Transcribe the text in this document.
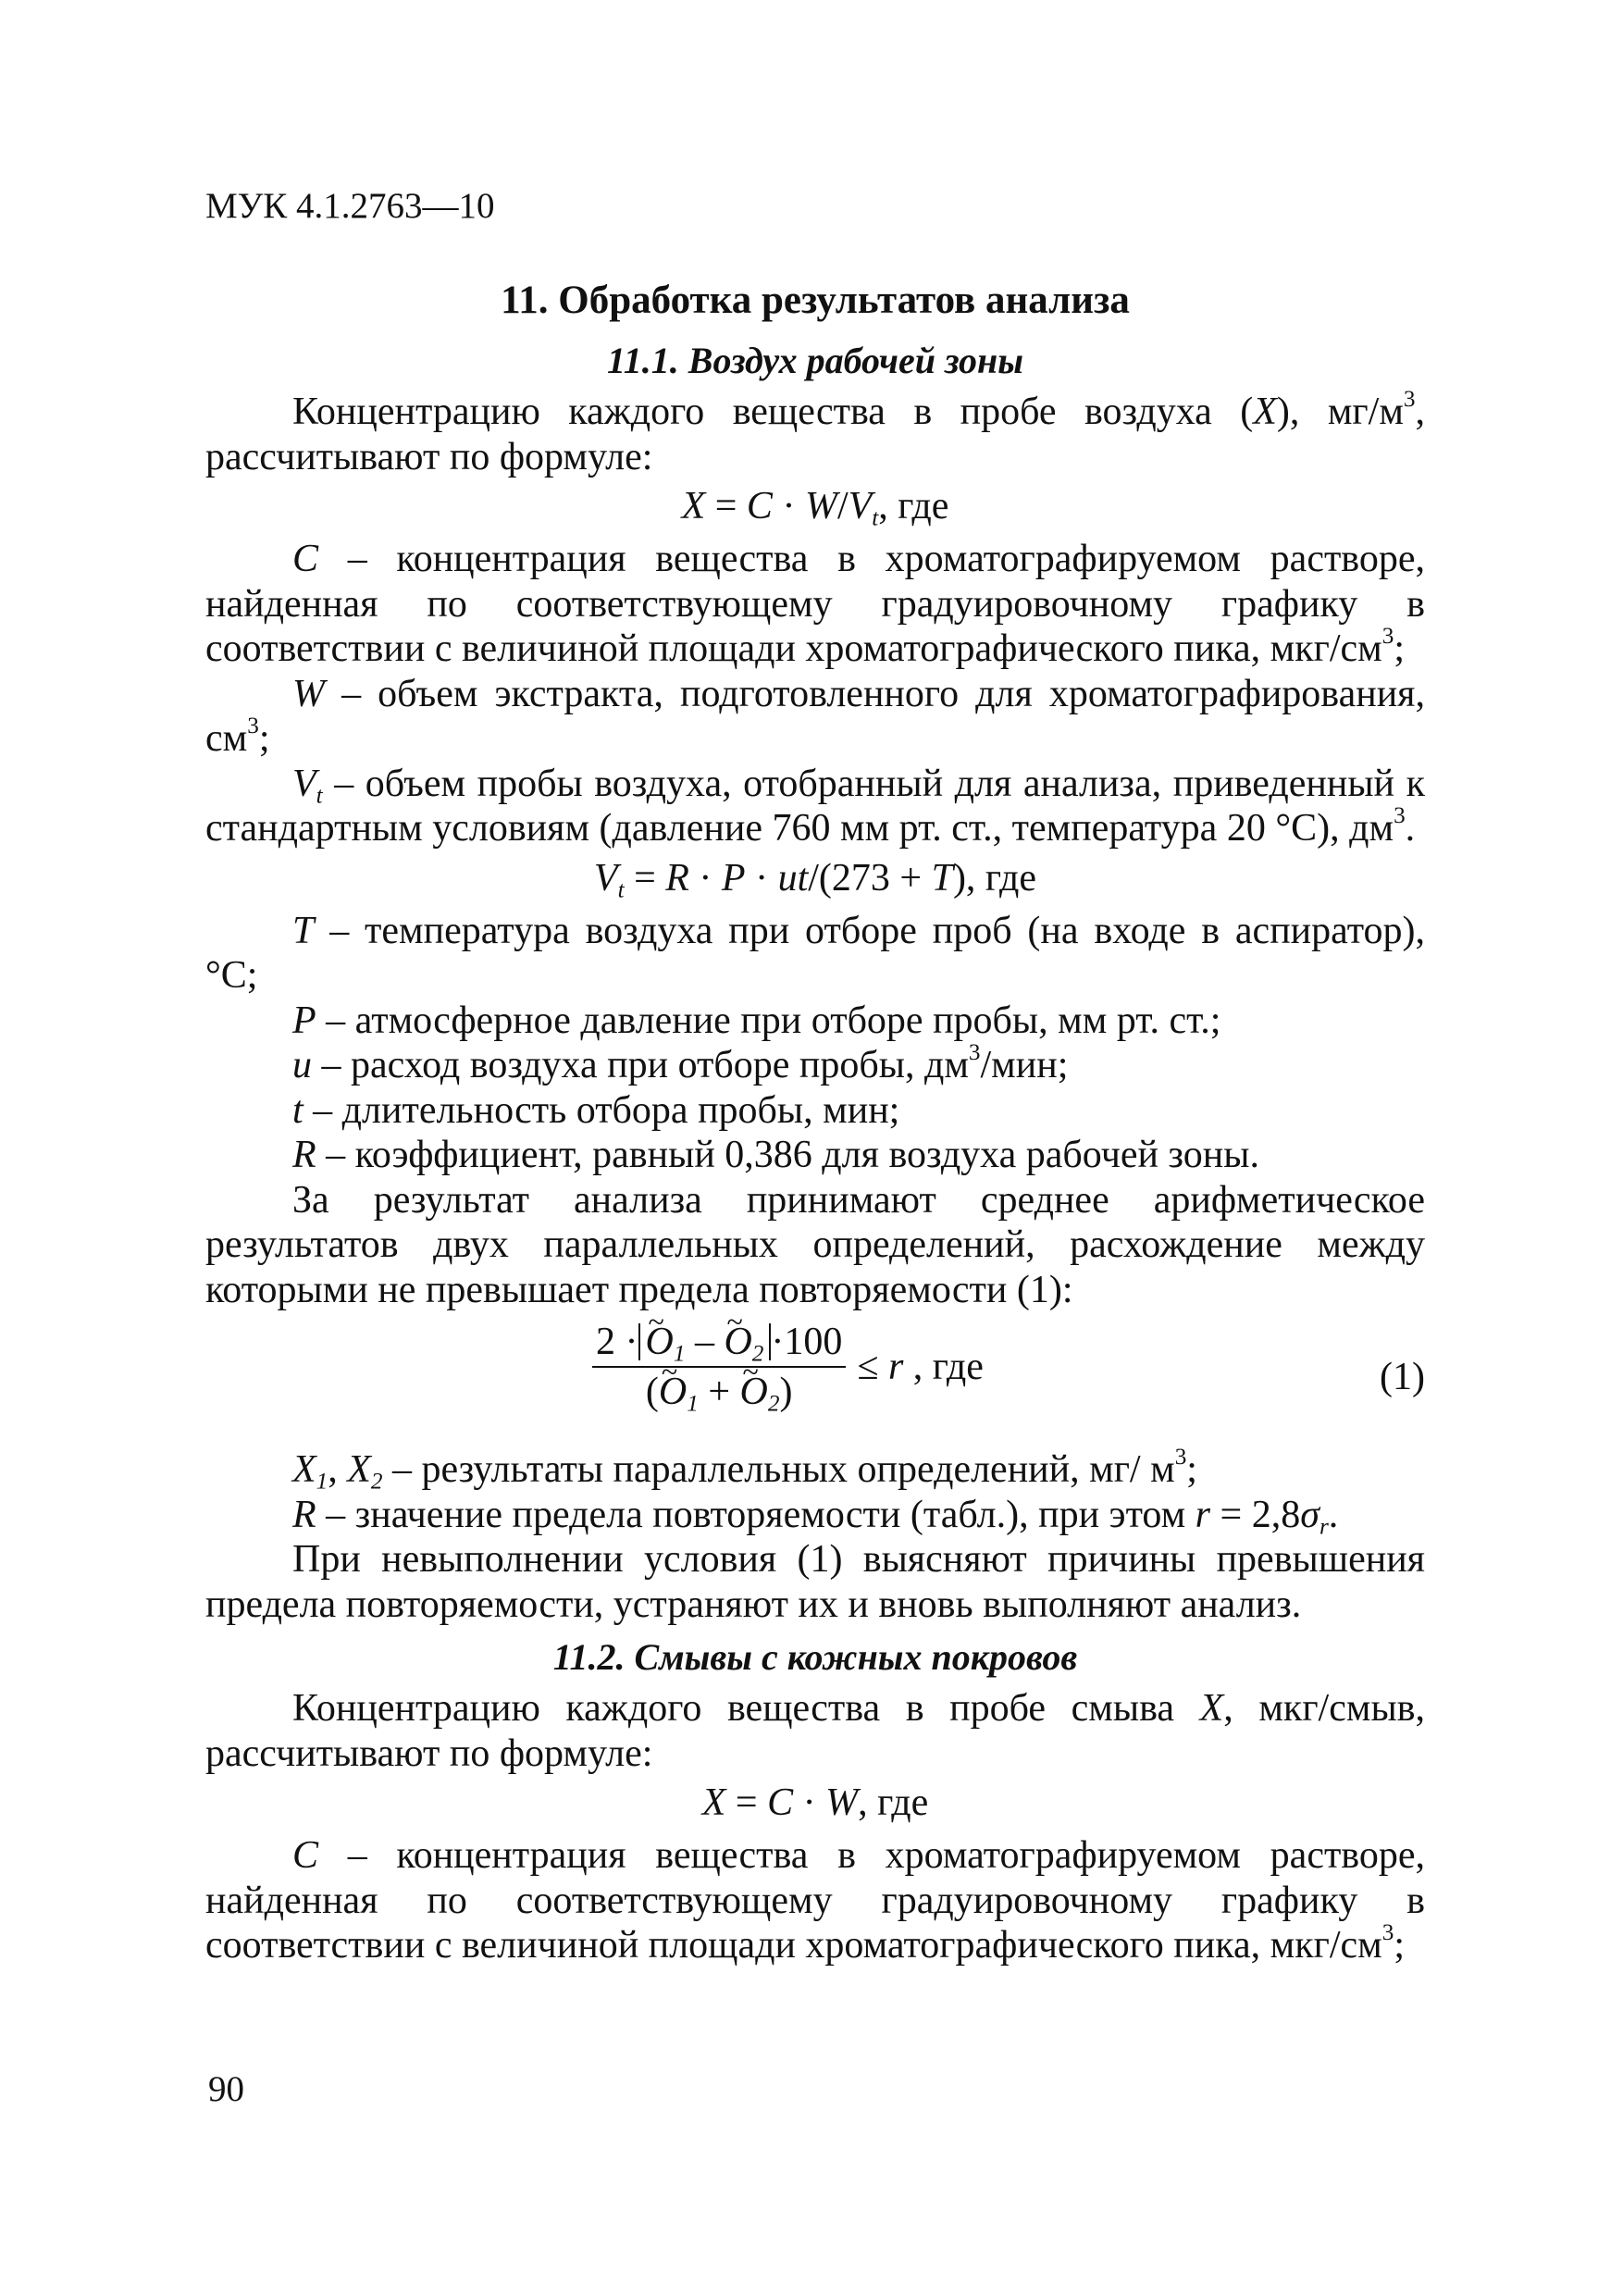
МУК 4.1.2763—10
11. Обработка результатов анализа
11.1. Воздух рабочей зоны

Концентрацию каждого вещества в пробе воздуха (X), $мг/м^3$, рассчитывают по формуле:

$X = C \cdot W/V_t$, где

C – концентрация вещества в хроматографируемом растворе, найденная по соответствующему градуировочному графику в соответствии с величиной площади хроматографического пика, мкг/$см^3$;

W – объем экстракта, подготовленного для хроматографирования, $см^3$;

$V_t$ – объем пробы воздуха, отобранный для анализа, приведенный к стандартным условиям (давление 760 мм рт. ст., температура 20 °С), $дм^3$.

$V_t = R \cdot P \cdot ut/(273 + T)$, где

T – температура воздуха при отборе проб (на входе в аспиратор), °С;

P – атмосферное давление при отборе пробы, мм рт. ст.;

u – расход воздуха при отборе пробы, $дм^3$/мин;

t – длительность отбора пробы, мин;

R – коэффициент, равный 0,386 для воздуха рабочей зоны.

За результат анализа принимают среднее арифметическое результатов двух параллельных определений, расхождение между которыми не превышает предела повторяемости (1):

$\frac{2 \cdot\sim O_1 - \sim O_2 \cdot 100}{(\sim O_1 + \sim O_2)} \le r$ , где	(1)

$X_1$, $X_2$ – результаты параллельных определений, мг/ $м^3$;

R – значение предела повторяемости (табл.), при этом $r = 2,8\sigma_r$.

При невыполнении условия (1) выясняют причины превышения предела повторяемости, устраняют их и вновь выполняют анализ.

11.2. Смывы с кожных покровов

Концентрацию каждого вещества в пробе смыва X, мкг/смыв, рассчитывают по формуле:

X = C · W, где

C – концентрация вещества в хроматографируемом растворе, найденная по соответствующему градуировочному графику в соответствии с величиной площади хроматографического пика, мкг/$см^3$;

90
